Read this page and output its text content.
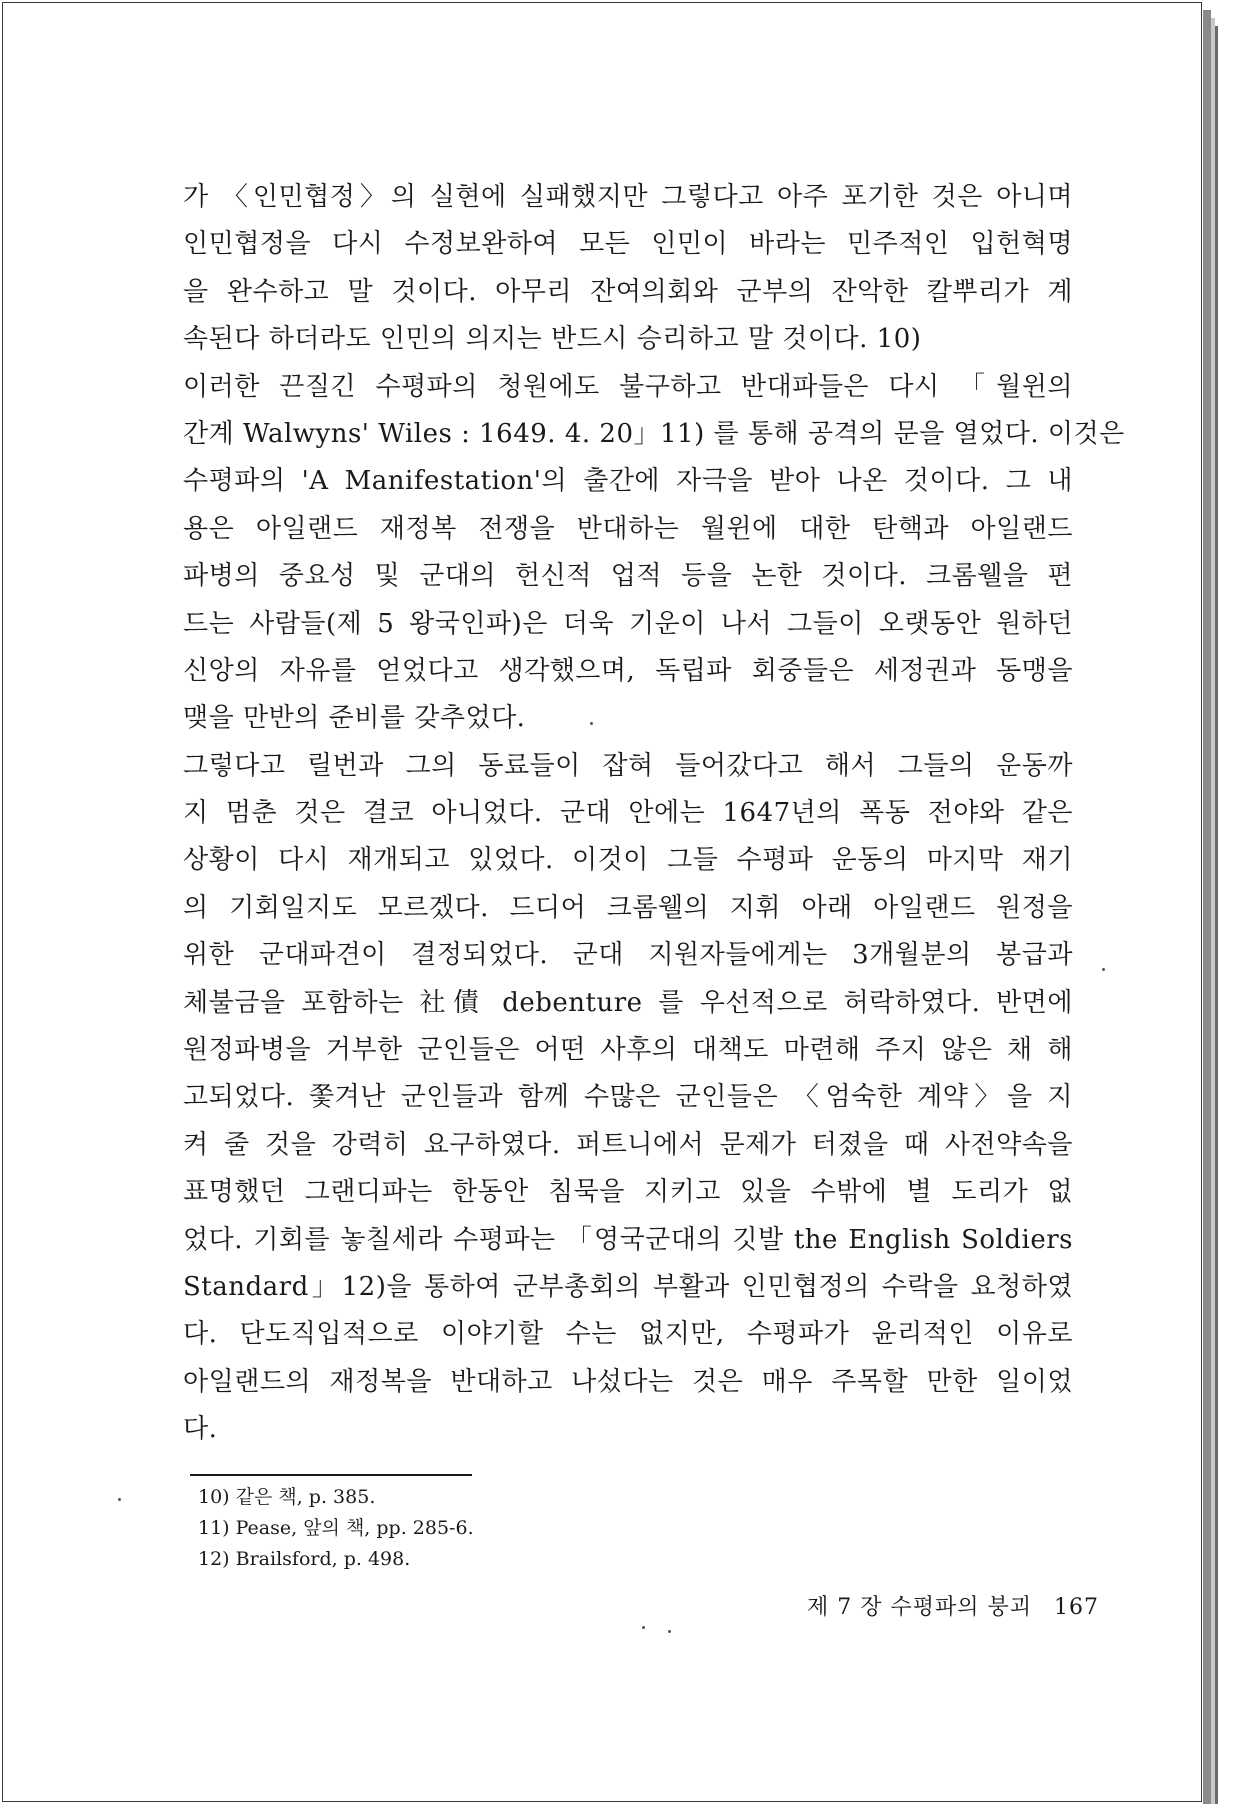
가 〈인민협정〉의 실현에 실패했지만 그렇다고 아주 포기한 것은 아니며
인민협정을 다시 수정보완하여 모든 인민이 바라는 민주적인 입헌혁명
을 완수하고 말 것이다. 아무리 잔여의회와 군부의 잔악한 칼뿌리가 계
속된다 하더라도 인민의 의지는 반드시 승리하고 말 것이다. 10)
이러한 끈질긴 수평파의 청원에도 불구하고 반대파들은 다시 「월윈의
간계 Walwyns' Wiles : 1649. 4. 20」11) 를 통해 공격의 문을 열었다. 이것은
수평파의 'A Manifestation'의 출간에 자극을 받아 나온 것이다. 그 내
용은 아일랜드 재정복 전쟁을 반대하는 월윈에 대한 탄핵과 아일랜드
파병의 중요성 및 군대의 헌신적 업적 등을 논한 것이다. 크롬웰을 편
드는 사람들(제 5 왕국인파)은 더욱 기운이 나서 그들이 오랫동안 원하던
신앙의 자유를 얻었다고 생각했으며, 독립파 회중들은 세정권과 동맹을
맺을 만반의 준비를 갖추었다.
그렇다고 릴번과 그의 동료들이 잡혀 들어갔다고 해서 그들의 운동까
지 멈춘 것은 결코 아니었다. 군대 안에는 1647년의 폭동 전야와 같은
상황이 다시 재개되고 있었다. 이것이 그들 수평파 운동의 마지막 재기
의 기회일지도 모르겠다. 드디어 크롬웰의 지휘 아래 아일랜드 원정을
위한 군대파견이 결정되었다. 군대 지원자들에게는 3개월분의 봉급과
체불금을 포함하는 社債 debenture 를 우선적으로 허락하였다. 반면에
원정파병을 거부한 군인들은 어떤 사후의 대책도 마련해 주지 않은 채 해
고되었다. 쫓겨난 군인들과 함께 수많은 군인들은 〈엄숙한 계약〉을 지
켜 줄 것을 강력히 요구하였다. 퍼트니에서 문제가 터졌을 때 사전약속을
표명했던 그랜디파는 한동안 침묵을 지키고 있을 수밖에 별 도리가 없
었다. 기회를 놓칠세라 수평파는 「영국군대의 깃발 the English Soldiers
Standard」12)을 통하여 군부총회의 부활과 인민협정의 수락을 요청하였
다. 단도직입적으로 이야기할 수는 없지만, 수평파가 윤리적인 이유로
아일랜드의 재정복을 반대하고 나섰다는 것은 매우 주목할 만한 일이었
다.
10) 같은 책, p. 385.
11) Pease, 앞의 책, pp. 285-6.
12) Brailsford, p. 498.
제 7 장 수평파의 붕괴 167
